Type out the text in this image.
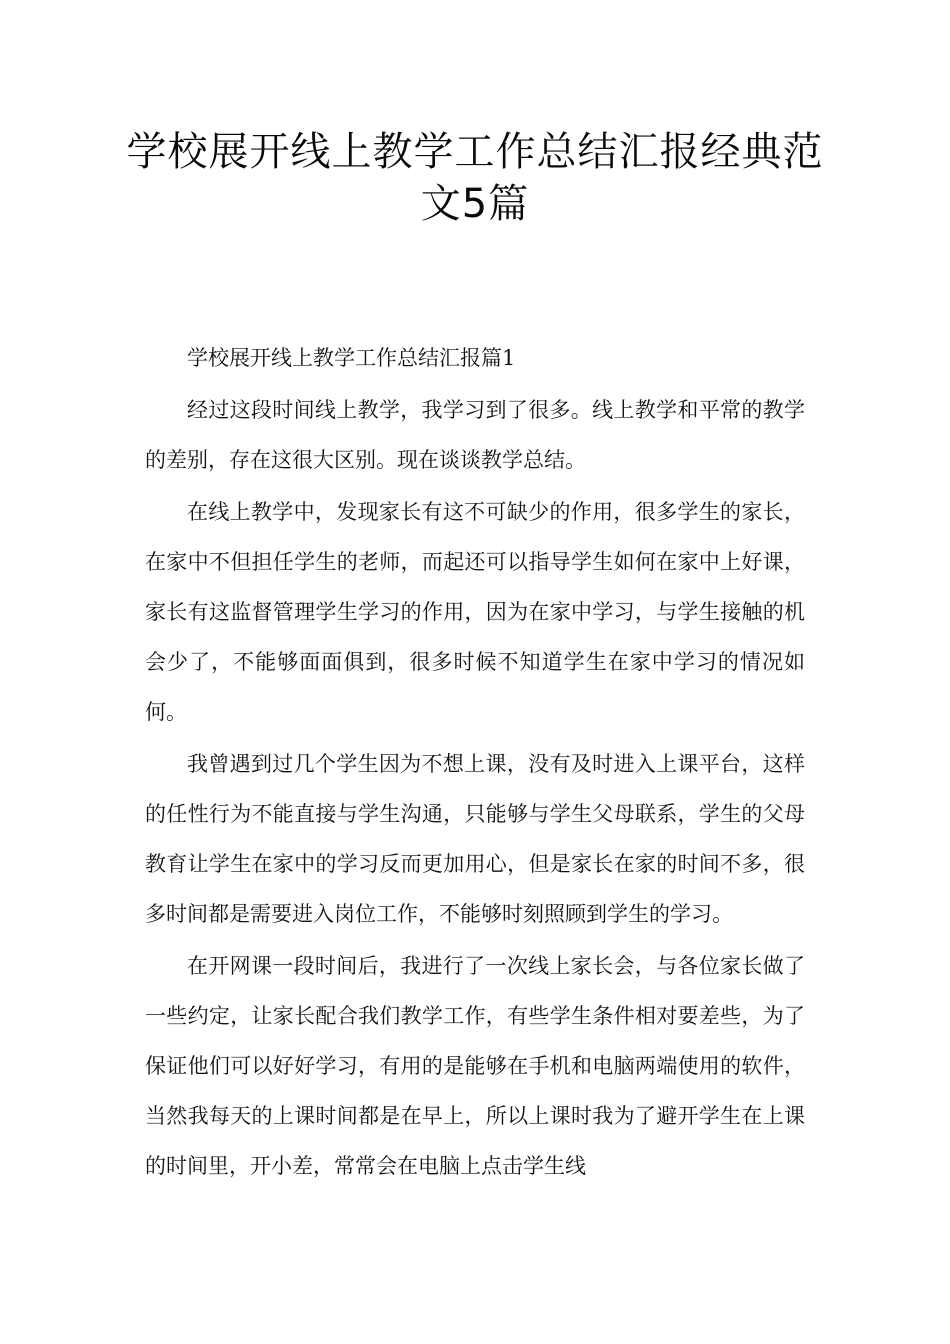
学校展开线上教学工作总结汇报经典范文5篇

学校展开线上教学工作总结汇报篇1

经过这段时间线上教学，我学习到了很多。线上教学和平常的教学的差别，存在这很大区别。现在谈谈教学总结。

在线上教学中，发现家长有这不可缺少的作用，很多学生的家长，在家中不但担任学生的老师，而起还可以指导学生如何在家中上好课，家长有这监督管理学生学习的作用，因为在家中学习，与学生接触的机会少了，不能够面面俱到，很多时候不知道学生在家中学习的情况如何。

我曾遇到过几个学生因为不想上课，没有及时进入上课平台，这样的任性行为不能直接与学生沟通，只能够与学生父母联系，学生的父母教育让学生在家中的学习反而更加用心，但是家长在家的时间不多，很多时间都是需要进入岗位工作，不能够时刻照顾到学生的学习。

在开网课一段时间后，我进行了一次线上家长会，与各位家长做了一些约定，让家长配合我们教学工作，有些学生条件相对要差些，为了保证他们可以好好学习，有用的是能够在手机和电脑两端使用的软件，当然我每天的上课时间都是在早上，所以上课时我为了避开学生在上课的时间里，开小差，常常会在电脑上点击学生线
